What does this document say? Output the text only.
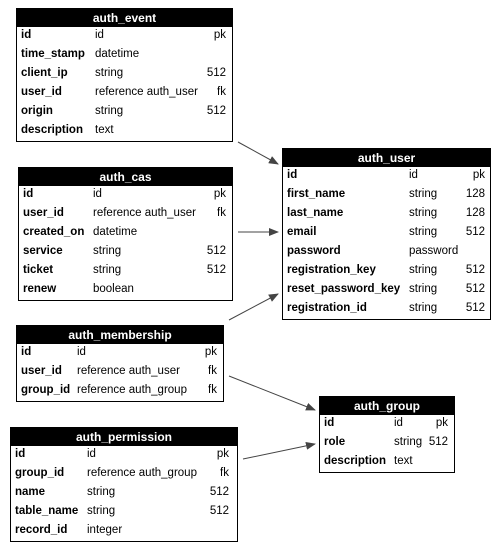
auth_event
id	id	pk
time_stamp datetime
client_ip string	512
user_id	reference auth_user fk
origin	string	512
description text
auth_cas
id	id	pk
user_id	reference auth_user fk
created_on datetime
service	string	512
ticket	string	512
renew	boolean
auth_membership
id	id	pk
user_id reference auth_user fk
group_id reference auth_group fk
auth_permission
id	id	pk
group_id reference auth_group fk
name	string	512
table_name string	512
record_id integer
auth_user
id	id	pk
first_name	string 128
last_name	string 128
email	string 512
password	password
registration_key	string 512
reset_password_key string 512
registration_id	string 512
auth_group
id	id	pk
role	string 512
description text
